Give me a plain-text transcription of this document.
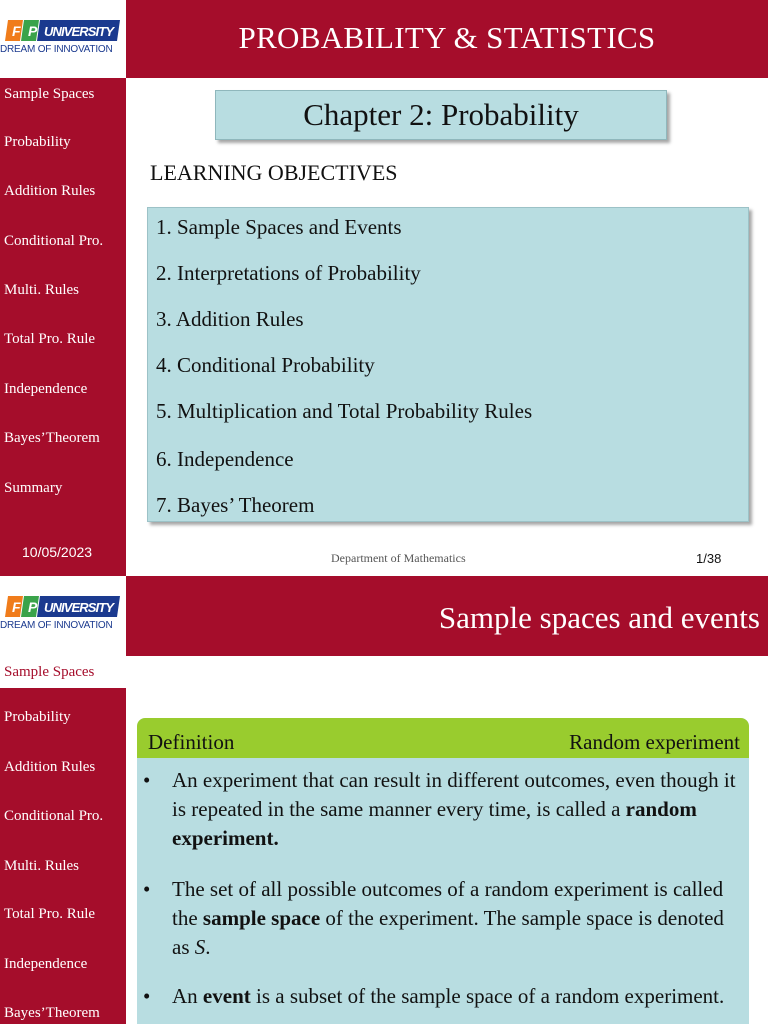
F P UNIVERSITY
DREAM OF INNOVATION	PROBABILITY & STATISTICS
Sample Spaces
Probability
Addition Rules
Conditional Pro.
Multi. Rules
Total Pro. Rule
Independence
Bayes’Theorem
Summary
10/05/2023
Chapter 2: Probability
LEARNING OBJECTIVES
1. Sample Spaces and Events
2. Interpretations of Probability
3. Addition Rules
4. Conditional Probability
5. Multiplication and Total Probability Rules
6. Independence
7. Bayes’ Theorem
Department of Mathematics	1/38
F P UNIVERSITY
DREAM OF INNOVATION	Sample spaces and events
Sample Spaces
Probability
Addition Rules
Conditional Pro.
Multi. Rules
Total Pro. Rule
Independence
Bayes’Theorem
Definition	Random experiment
• An experiment that can result in different outcomes, even though it is repeated in the same manner every time, is called a random experiment.
• The set of all possible outcomes of a random experiment is called the sample space of the experiment. The sample space is denoted as S.
• An event is a subset of the sample space of a random experiment.
